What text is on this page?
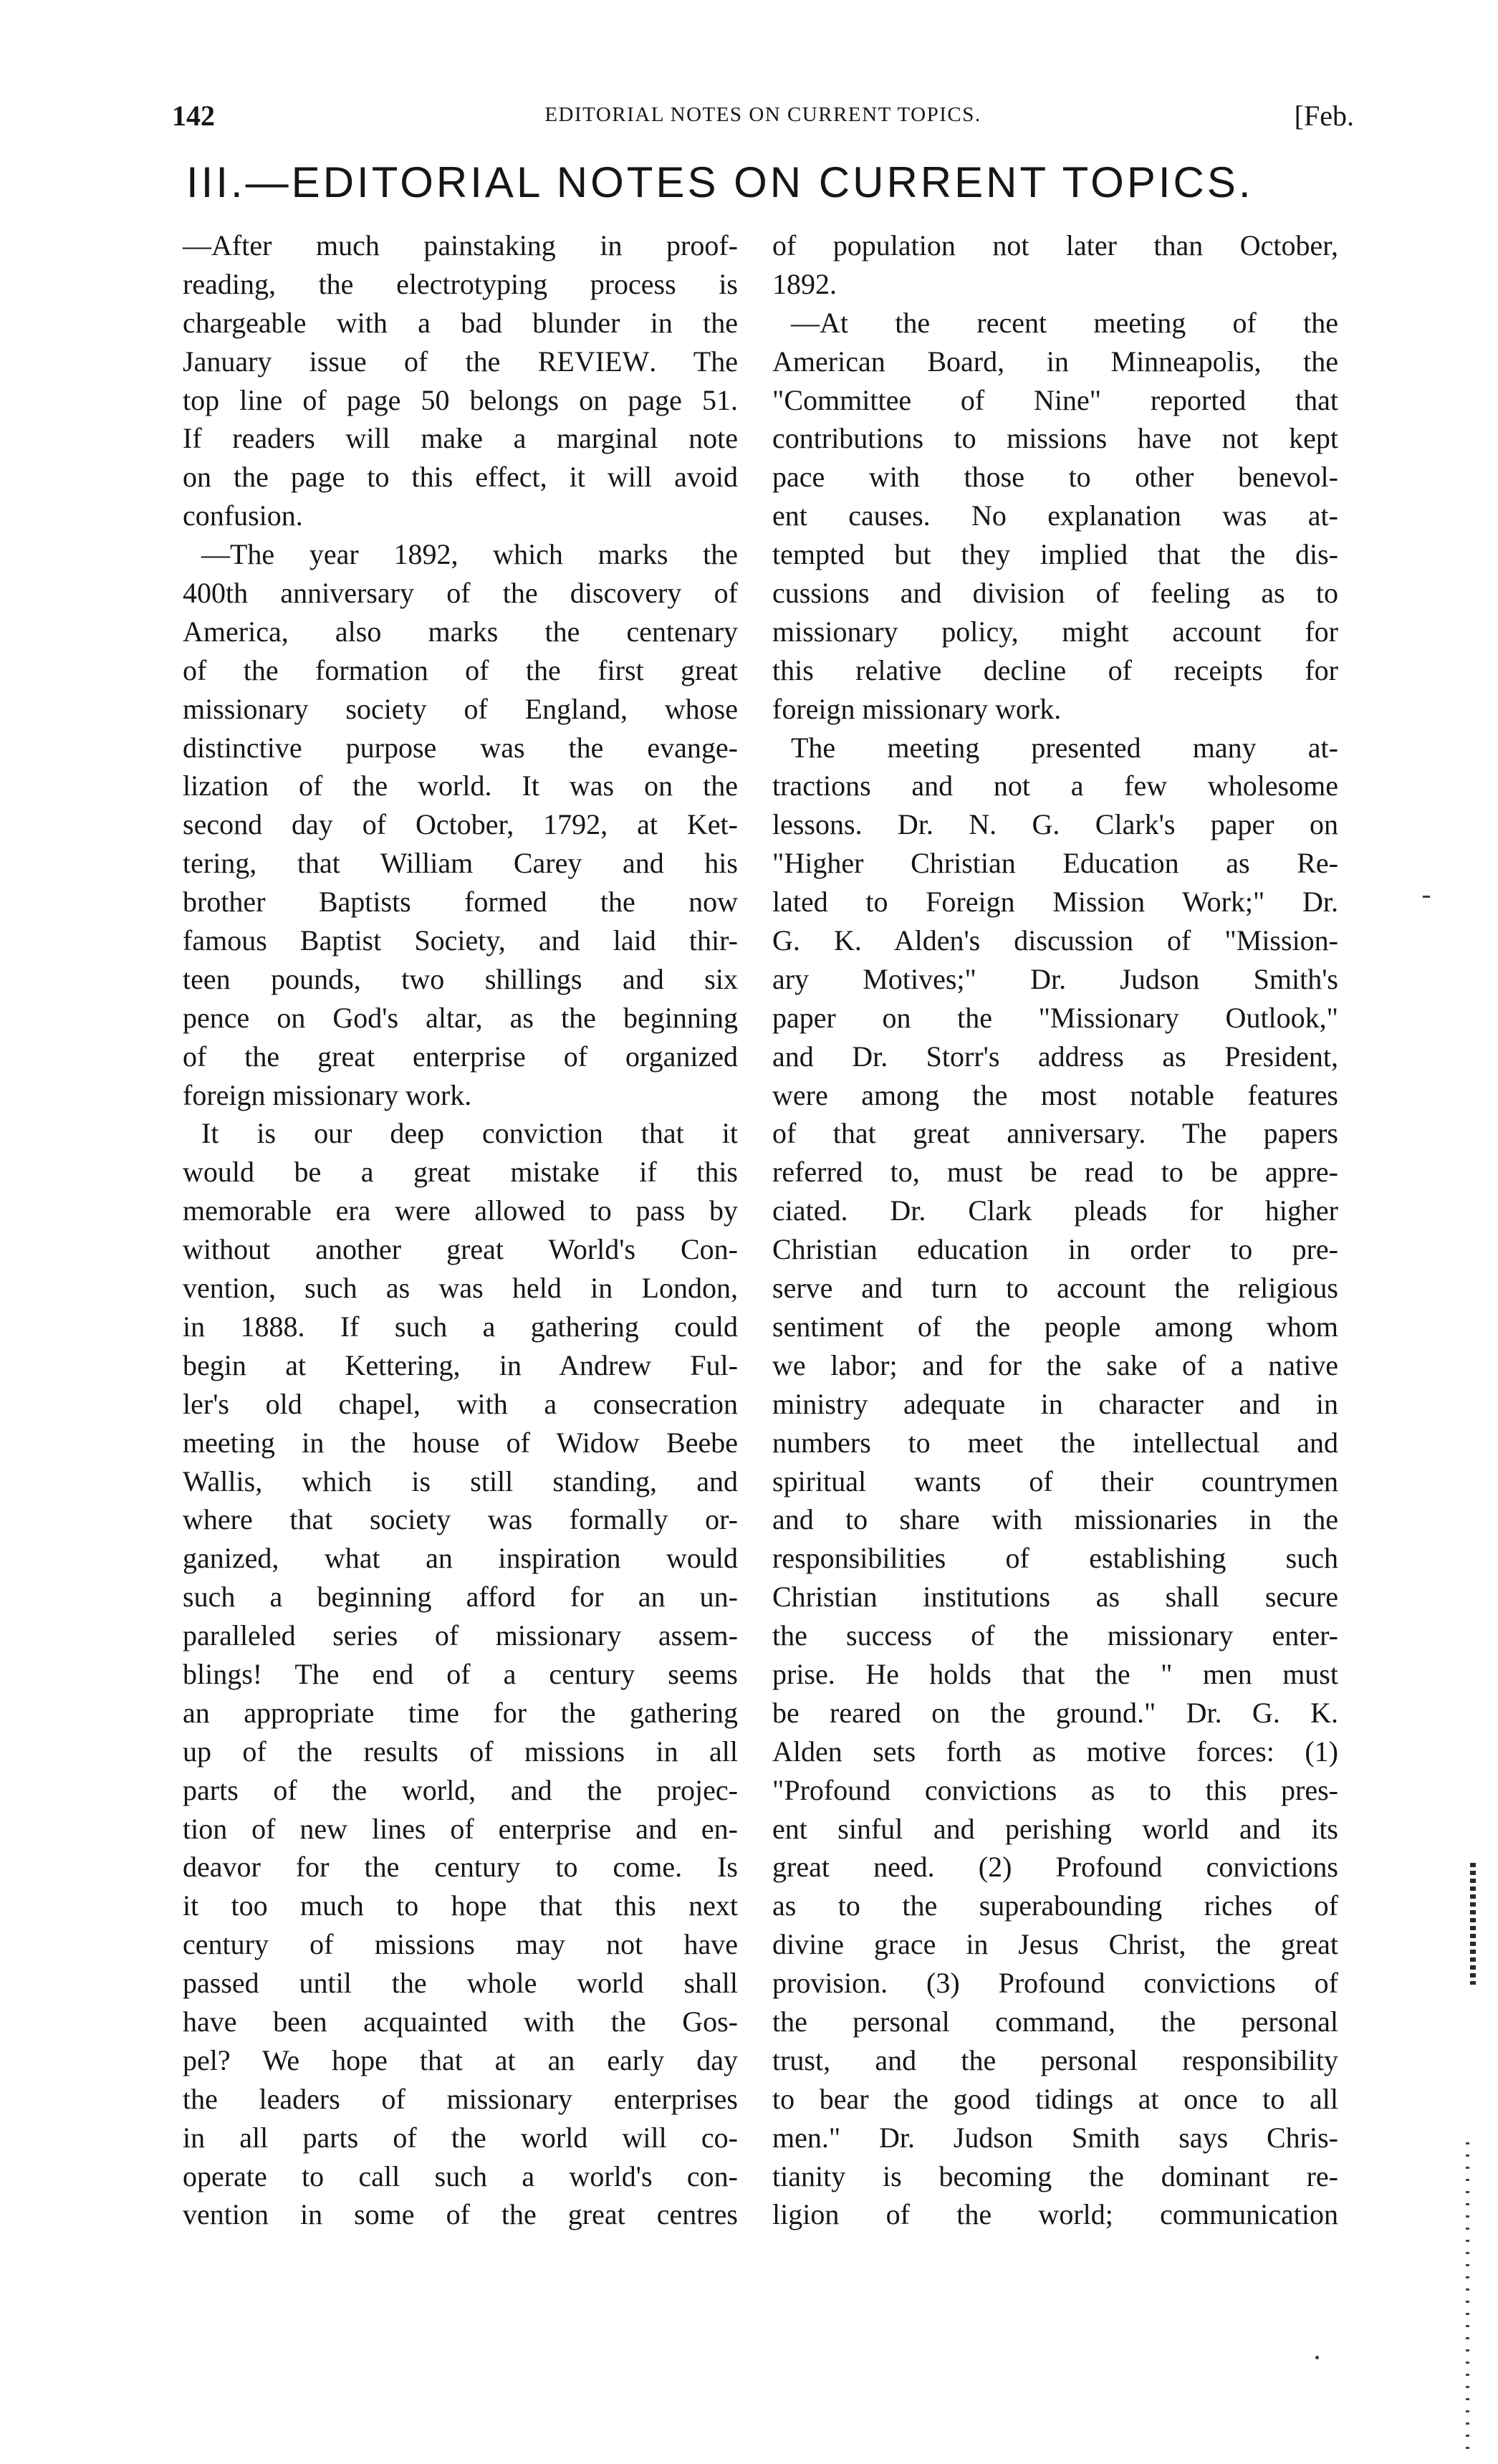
142	EDITORIAL NOTES ON CURRENT TOPICS.	[Feb.
III.—EDITORIAL NOTES ON CURRENT TOPICS.
—After much painstaking in proof-
reading, the electrotyping process is
chargeable with a bad blunder in the
January issue of the REVIEW. The
top line of page 50 belongs on page 51.
If readers will make a marginal note
on the page to this effect, it will avoid
confusion.
—The year 1892, which marks the
400th anniversary of the discovery of
America, also marks the centenary
of the formation of the first great
missionary society of England, whose
distinctive purpose was the evange-
lization of the world. It was on the
second day of October, 1792, at Ket-
tering, that William Carey and his
brother Baptists formed the now
famous Baptist Society, and laid thir-
teen pounds, two shillings and six
pence on God's altar, as the beginning
of the great enterprise of organized
foreign missionary work.
It is our deep conviction that it
would be a great mistake if this
memorable era were allowed to pass by
without another great World's Con-
vention, such as was held in London,
in 1888. If such a gathering could
begin at Kettering, in Andrew Ful-
ler's old chapel, with a consecration
meeting in the house of Widow Beebe
Wallis, which is still standing, and
where that society was formally or-
ganized, what an inspiration would
such a beginning afford for an un-
paralleled series of missionary assem-
blings! The end of a century seems
an appropriate time for the gathering
up of the results of missions in all
parts of the world, and the projec-
tion of new lines of enterprise and en-
deavor for the century to come. Is
it too much to hope that this next
century of missions may not have
passed until the whole world shall
have been acquainted with the Gos-
pel? We hope that at an early day
the leaders of missionary enterprises
in all parts of the world will co-
operate to call such a world's con-
vention in some of the great centres
of population not later than October,
1892.
—At the recent meeting of the
American Board, in Minneapolis, the
"Committee of Nine" reported that
contributions to missions have not kept
pace with those to other benevol-
ent causes. No explanation was at-
tempted but they implied that the dis-
cussions and division of feeling as to
missionary policy, might account for
this relative decline of receipts for
foreign missionary work.
The meeting presented many at-
tractions and not a few wholesome
lessons. Dr. N. G. Clark's paper on
"Higher Christian Education as Re-
lated to Foreign Mission Work;" Dr.
G. K. Alden's discussion of "Mission-
ary Motives;" Dr. Judson Smith's
paper on the "Missionary Outlook,"
and Dr. Storr's address as President,
were among the most notable features
of that great anniversary. The papers
referred to, must be read to be appre-
ciated. Dr. Clark pleads for higher
Christian education in order to pre-
serve and turn to account the religious
sentiment of the people among whom
we labor; and for the sake of a native
ministry adequate in character and in
numbers to meet the intellectual and
spiritual wants of their countrymen
and to share with missionaries in the
responsibilities of establishing such
Christian institutions as shall secure
the success of the missionary enter-
prise. He holds that the " men must
be reared on the ground." Dr. G. K.
Alden sets forth as motive forces: (1)
"Profound convictions as to this pres-
ent sinful and perishing world and its
great need. (2) Profound convictions
as to the superabounding riches of
divine grace in Jesus Christ, the great
provision. (3) Profound convictions of
the personal command, the personal
trust, and the personal responsibility
to bear the good tidings at once to all
men." Dr. Judson Smith says Chris-
tianity is becoming the dominant re-
ligion of the world; communication
